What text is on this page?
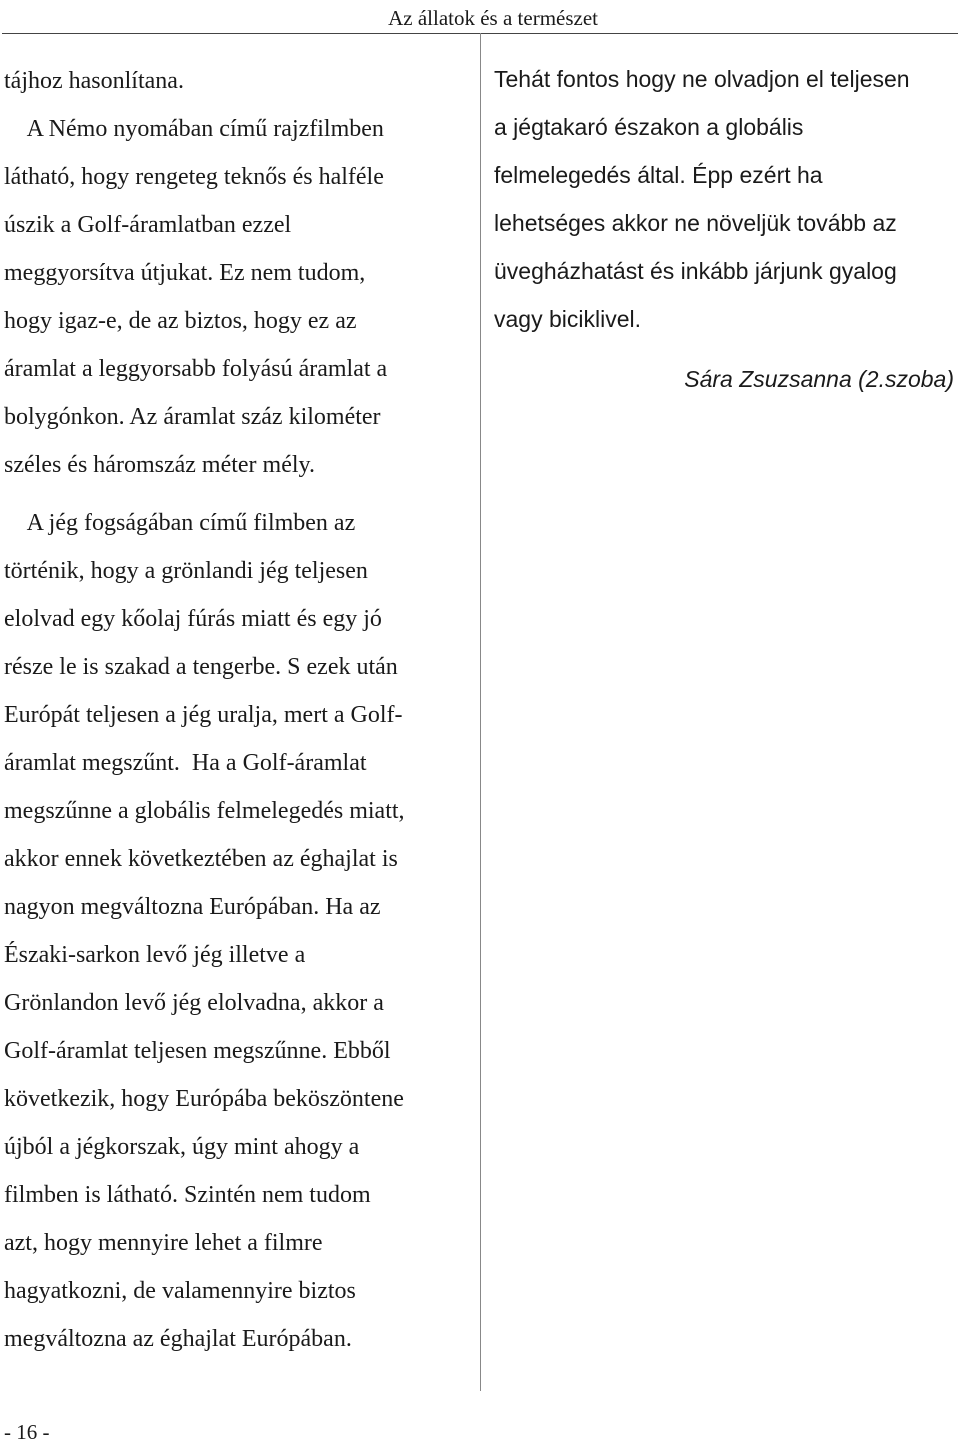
Az állatok és a természet

tájhoz hasonlítana.
A Némo nyomában című rajzfilmben
látható, hogy rengeteg teknős és halféle
úszik a Golf-áramlatban ezzel
meggyorsítva útjukat. Ez nem tudom,
hogy igaz-e, de az biztos, hogy ez az
áramlat a leggyorsabb folyású áramlat a
bolygónkon. Az áramlat száz kilométer
széles és háromszáz méter mély.

A jég fogságában című filmben az
történik, hogy a grönlandi jég teljesen
elolvad egy kőolaj fúrás miatt és egy jó
része le is szakad a tengerbe. S ezek után
Európát teljesen a jég uralja, mert a Golf-
áramlat megszűnt.  Ha a Golf-áramlat
megszűnne a globális felmelegedés miatt,
akkor ennek következtében az éghajlat is
nagyon megváltozna Európában. Ha az
Északi-sarkon levő jég illetve a
Grönlandon levő jég elolvadna, akkor a
Golf-áramlat teljesen megszűnne. Ebből
következik, hogy Európába beköszöntene
újból a jégkorszak, úgy mint ahogy a
filmben is látható. Szintén nem tudom
azt, hogy mennyire lehet a filmre
hagyatkozni, de valamennyire biztos
megváltozna az éghajlat Európában.

Tehát fontos hogy ne olvadjon el teljesen
a jégtakaró északon a globális
felmelegedés által. Épp ezért ha
lehetséges akkor ne növeljük tovább az
üvegházhatást és inkább járjunk gyalog
vagy biciklivel.

Sára Zsuzsanna (2.szoba)
- 16 -
